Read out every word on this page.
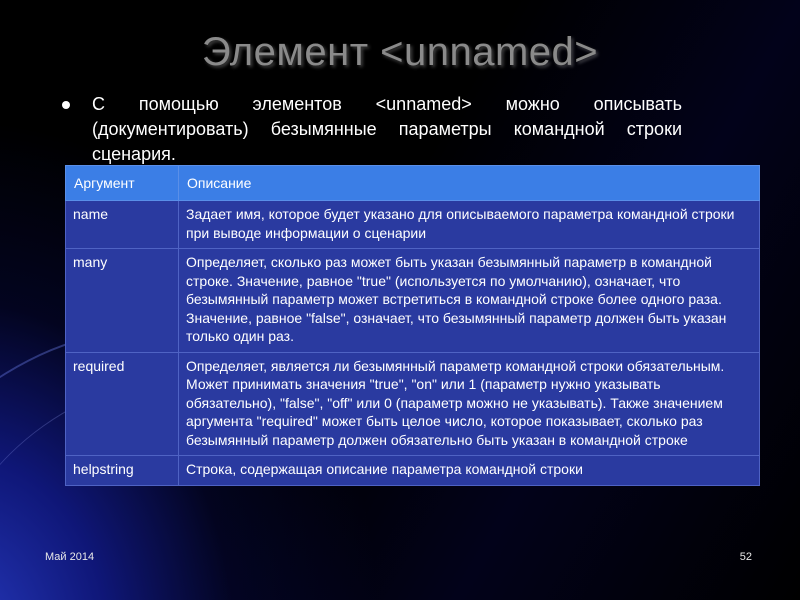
Элемент <unnamed>
С помощью элементов <unnamed> можно описывать (документировать) безымянные параметры командной строки сценария.
Аргумент	Описание
name	Задает имя, которое будет указано для описываемого параметра командной строки при выводе информации о сценарии
many	Определяет, сколько раз может быть указан безымянный параметр в командной строке. Значение, равное "true" (используется по умолчанию), означает, что безымянный параметр может встретиться в командной строке более одного раза. Значение, равное "false", означает, что безымянный параметр должен быть указан только один раз.
required	Определяет, является ли безымянный параметр командной строки обязательным. Может принимать значения "true", "on" или 1 (параметр нужно указывать обязательно), "false", "off" или 0 (параметр можно не указывать). Также значением аргумента "required" может быть целое число, которое показывает, сколько раз безымянный параметр должен обязательно быть указан в командной строке
helpstring	Строка, содержащая описание параметра командной строки
Май 2014	52
